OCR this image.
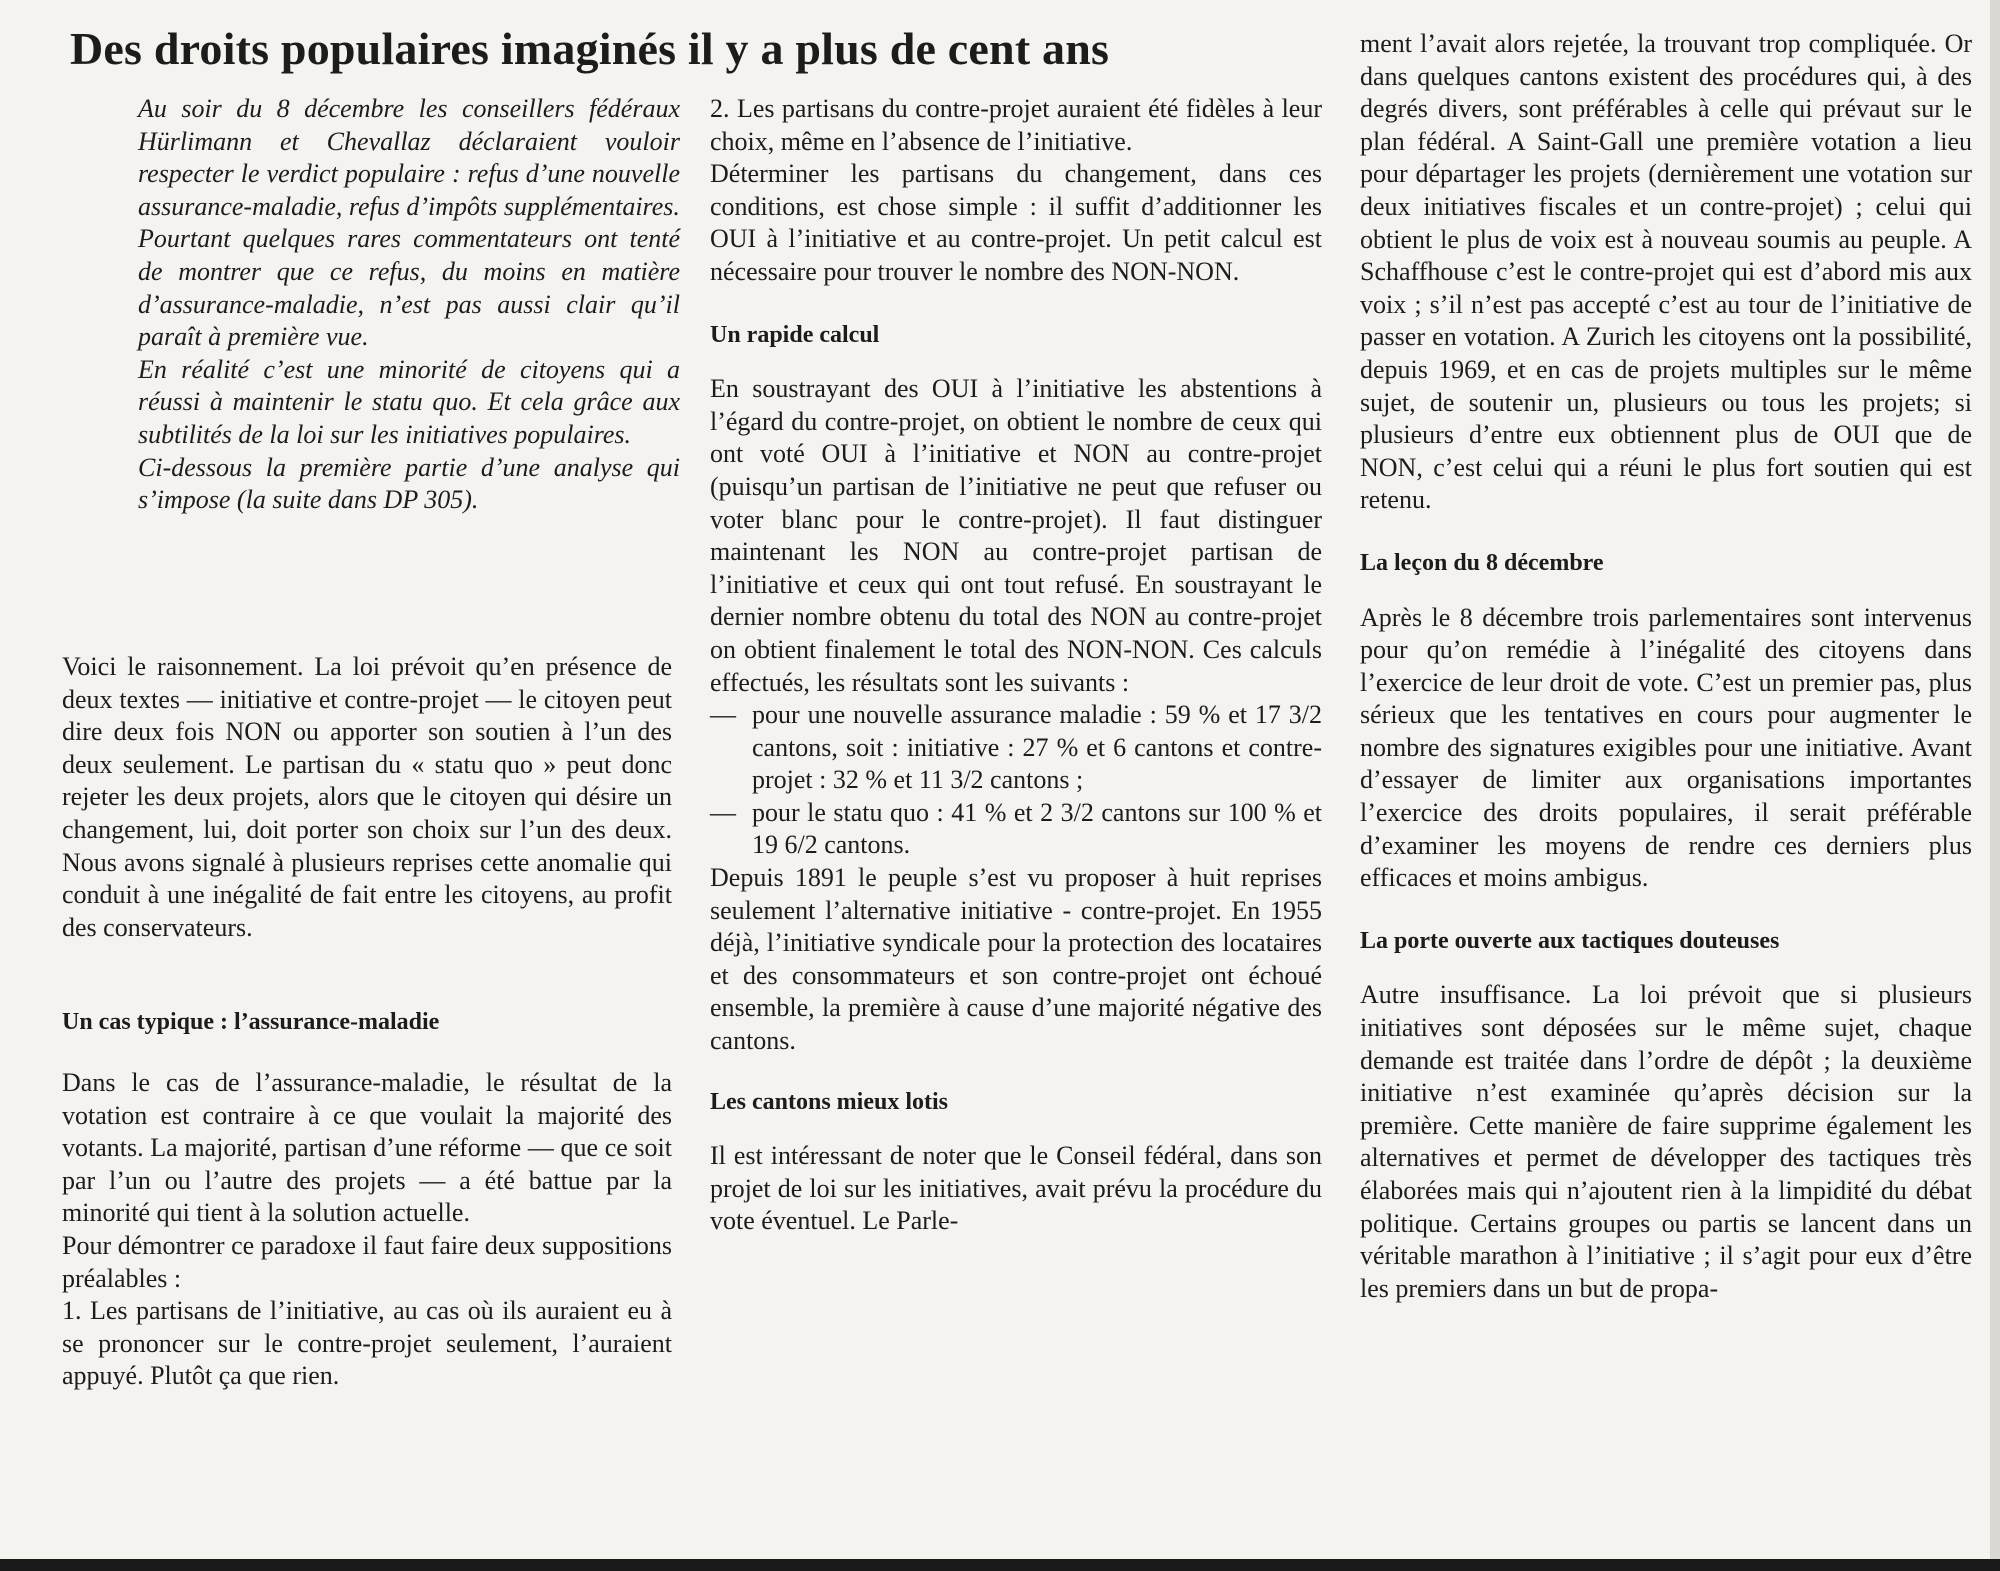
Des droits populaires imaginés il y a plus de cent ans

Au soir du 8 décembre les conseillers fédéraux Hürlimann et Chevallaz déclaraient vouloir respecter le verdict populaire : refus d’une nouvelle assurance-maladie, refus d’impôts supplémentaires.

Pourtant quelques rares commentateurs ont tenté de montrer que ce refus, du moins en matière d’assurance-maladie, n’est pas aussi clair qu’il paraît à première vue.

En réalité c’est une minorité de citoyens qui a réussi à maintenir le statu quo. Et cela grâce aux subtilités de la loi sur les initiatives populaires.

Ci-dessous la première partie d’une analyse qui s’impose (la suite dans DP 305).

Voici le raisonnement. La loi prévoit qu’en présence de deux textes — initiative et contre-projet — le citoyen peut dire deux fois NON ou apporter son soutien à l’un des deux seulement. Le partisan du « statu quo » peut donc rejeter les deux projets, alors que le citoyen qui désire un changement, lui, doit porter son choix sur l’un des deux. Nous avons signalé à plusieurs reprises cette anomalie qui conduit à une inégalité de fait entre les citoyens, au profit des conservateurs.

Un cas typique : l’assurance-maladie

Dans le cas de l’assurance-maladie, le résultat de la votation est contraire à ce que voulait la majorité des votants. La majorité, partisan d’une réforme — que ce soit par l’un ou l’autre des projets — a été battue par la minorité qui tient à la solution actuelle.

Pour démontrer ce paradoxe il faut faire deux suppositions préalables :

1. Les partisans de l’initiative, au cas où ils auraient eu à se prononcer sur le contre-projet seulement, l’auraient appuyé. Plutôt ça que rien.

2. Les partisans du contre-projet auraient été fidèles à leur choix, même en l’absence de l’initiative.

Déterminer les partisans du changement, dans ces conditions, est chose simple : il suffit d’additionner les OUI à l’initiative et au contre-projet. Un petit calcul est nécessaire pour trouver le nombre des NON-NON.

Un rapide calcul

En soustrayant des OUI à l’initiative les abstentions à l’égard du contre-projet, on obtient le nombre de ceux qui ont voté OUI à l’initiative et NON au contre-projet (puisqu’un partisan de l’initiative ne peut que refuser ou voter blanc pour le contre-projet). Il faut distinguer maintenant les NON au contre-projet partisan de l’initiative et ceux qui ont tout refusé. En soustrayant le dernier nombre obtenu du total des NON au contre-projet on obtient finalement le total des NON-NON. Ces calculs effectués, les résultats sont les suivants :

— pour une nouvelle assurance maladie : 59 % et 17 3/2 cantons, soit : initiative : 27 % et 6 cantons et contre-projet : 32 % et 11 3/2 cantons ;
— pour le statu quo : 41 % et 2 3/2 cantons sur 100 % et 19 6/2 cantons.

Depuis 1891 le peuple s’est vu proposer à huit reprises seulement l’alternative initiative - contre-projet. En 1955 déjà, l’initiative syndicale pour la protection des locataires et des consommateurs et son contre-projet ont échoué ensemble, la première à cause d’une majorité négative des cantons.

Les cantons mieux lotis

Il est intéressant de noter que le Conseil fédéral, dans son projet de loi sur les initiatives, avait prévu la procédure du vote éventuel. Le Parle-

ment l’avait alors rejetée, la trouvant trop compliquée. Or dans quelques cantons existent des procédures qui, à des degrés divers, sont préférables à celle qui prévaut sur le plan fédéral. A Saint-Gall une première votation a lieu pour départager les projets (dernièrement une votation sur deux initiatives fiscales et un contre-projet) ; celui qui obtient le plus de voix est à nouveau soumis au peuple. A Schaffhouse c’est le contre-projet qui est d’abord mis aux voix ; s’il n’est pas accepté c’est au tour de l’initiative de passer en votation. A Zurich les citoyens ont la possibilité, depuis 1969, et en cas de projets multiples sur le même sujet, de soutenir un, plusieurs ou tous les projets; si plusieurs d’entre eux obtiennent plus de OUI que de NON, c’est celui qui a réuni le plus fort soutien qui est retenu.

La leçon du 8 décembre

Après le 8 décembre trois parlementaires sont intervenus pour qu’on remédie à l’inégalité des citoyens dans l’exercice de leur droit de vote. C’est un premier pas, plus sérieux que les tentatives en cours pour augmenter le nombre des signatures exigibles pour une initiative. Avant d’essayer de limiter aux organisations importantes l’exercice des droits populaires, il serait préférable d’examiner les moyens de rendre ces derniers plus efficaces et moins ambigus.

La porte ouverte aux tactiques douteuses

Autre insuffisance. La loi prévoit que si plusieurs initiatives sont déposées sur le même sujet, chaque demande est traitée dans l’ordre de dépôt ; la deuxième initiative n’est examinée qu’après décision sur la première. Cette manière de faire supprime également les alternatives et permet de développer des tactiques très élaborées mais qui n’ajoutent rien à la limpidité du débat politique. Certains groupes ou partis se lancent dans un véritable marathon à l’initiative ; il s’agit pour eux d’être les premiers dans un but de propa-
